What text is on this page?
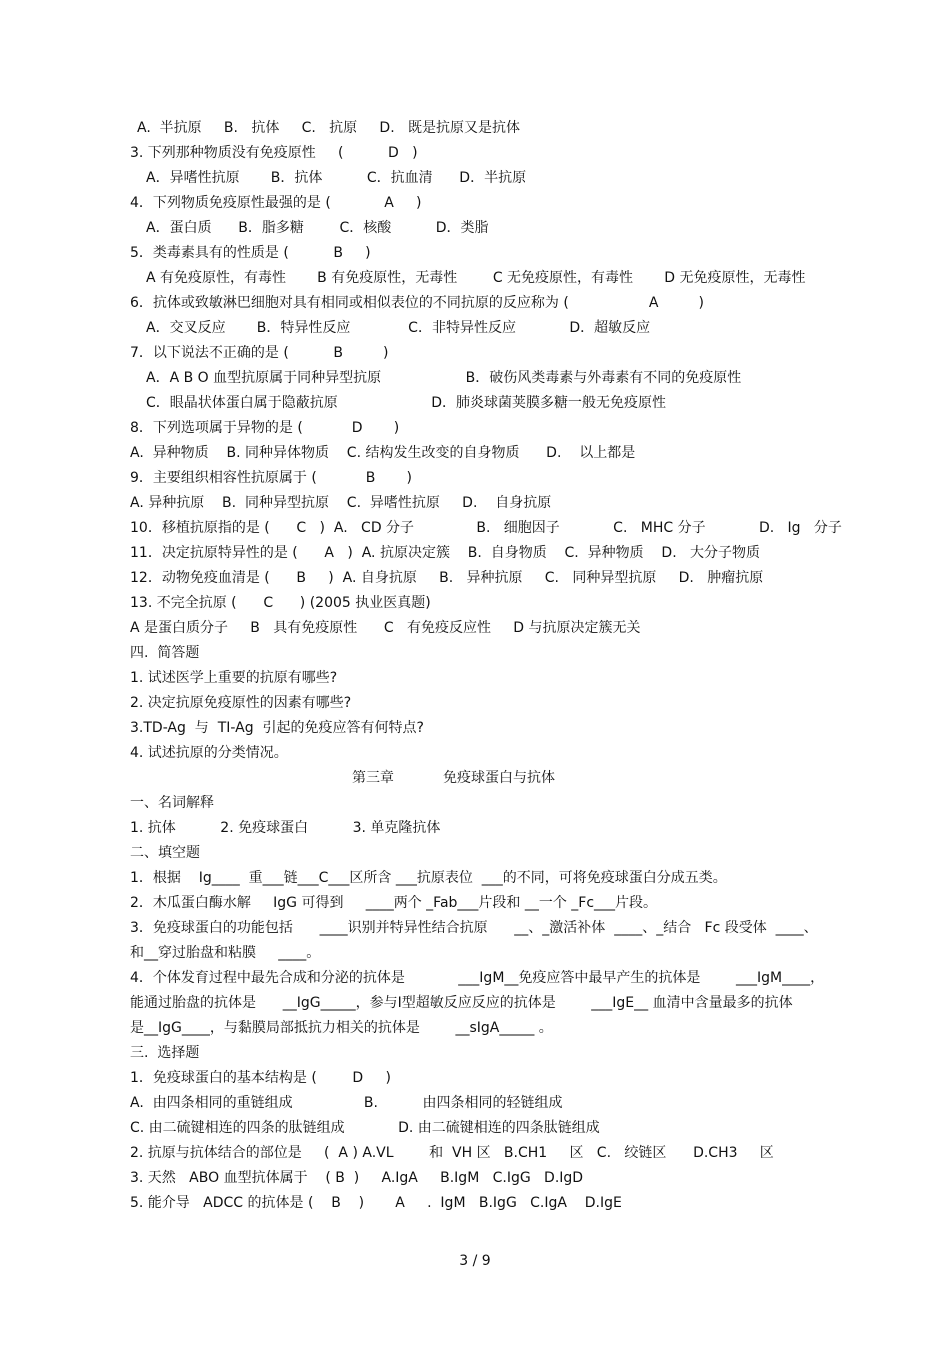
A.  半抗原     B.   抗体     C.   抗原     D.   既是抗原又是抗体
3. 下列那种物质没有免疫原性     (          D   )
A．异嗜性抗原       B．抗体          C．抗血清      D．半抗原
4．下列物质免疫原性最强的是 (            A     )
A．蛋白质      B．脂多糖        C．核酸          D．类脂
5．类毒素具有的性质是 (          B     )
A 有免疫原性，有毒性       B 有免疫原性，无毒性        C 无免疫原性，有毒性       D 无免疫原性，无毒性
6．抗体或致敏淋巴细胞对具有相同或相似表位的不同抗原的反应称为 (                  A         )
A．交叉反应       B．特异性反应             C．非特异性反应            D．超敏反应
7．以下说法不正确的是 (          B         )
A．A B O 血型抗原属于同种异型抗原                   B．破伤风类毒素与外毒素有不同的免疫原性
C．眼晶状体蛋白属于隐蔽抗原                     D．肺炎球菌荚膜多糖一般无免疫原性
8．下列选项属于异物的是 (           D       )
A.  异种物质    B. 同种异体物质    C. 结构发生改变的自身物质      D.    以上都是
9．主要组织相容性抗原属于 (           B       )
A. 异种抗原    B.  同种异型抗原    C.  异嗜性抗原     D.    自身抗原
10．移植抗原指的是 (      C   )  A.   CD 分子              B.   细胞因子            C.   MHC 分子            D.   Ig   分子
11．决定抗原特异性的是 (      A   )  A. 抗原决定簇    B.  自身物质    C.  异种物质    D.   大分子物质
12．动物免疫血清是 (      B     )  A. 自身抗原     B.   异种抗原     C.   同种异型抗原     D.   肿瘤抗原
13. 不完全抗原 (      C      ) (2005 执业医真题)
A 是蛋白质分子     B   具有免疫原性      C   有免疫反应性     D 与抗原决定簇无关
四.  简答题
1. 试述医学上重要的抗原有哪些?
2. 决定抗原免疫原性的因素有哪些?
3.TD-Ag  与  TI-Ag  引起的免疫应答有何特点?
4. 试述抗原的分类情况。
第三章           免疫球蛋白与抗体
一、名词解释
1. 抗体          2. 免疫球蛋白          3. 单克隆抗体
二、填空题
1．根据    Ig____  重___链___C___区所含 ___抗原表位  ___的不同，可将免疫球蛋白分成五类。
2．木瓜蛋白酶水解     IgG 可得到     ____两个 _Fab___片段和 __一个 _Fc___片段。
3．免疫球蛋白的功能包括      ____识别并特异性结合抗原      __、_激活补体  ____、_结合   Fc 段受体  ____、
和__穿过胎盘和粘膜     ____。
4．个体发育过程中最先合成和分泌的抗体是            ___IgM__免疫应答中最早产生的抗体是        ___IgM____，
能通过胎盘的抗体是      __IgG_____，参与Ⅰ型超敏反应反应的抗体是        ___IgE__ 血清中含量最多的抗体
是__IgG____，与黏膜局部抵抗力相关的抗体是        __sIgA_____ 。
三.  选择题
1．免疫球蛋白的基本结构是 (        D     )
A.  由四条相同的重链组成                B.          由四条相同的轻链组成
C. 由二硫键相连的四条的肽链组成            D. 由二硫键相连的四条肽链组成
2. 抗原与抗体结合的部位是     (  A ) A.VL        和  VH 区   B.CH1     区   C.   绞链区      D.CH3     区
3. 天然   ABO 血型抗体属于    ( B  )     A.IgA     B.IgM   C.IgG   D.IgD
5. 能介导   ADCC 的抗体是 (    B    )       A     .  IgM   B.IgG   C.IgA    D.IgE
3 / 9
